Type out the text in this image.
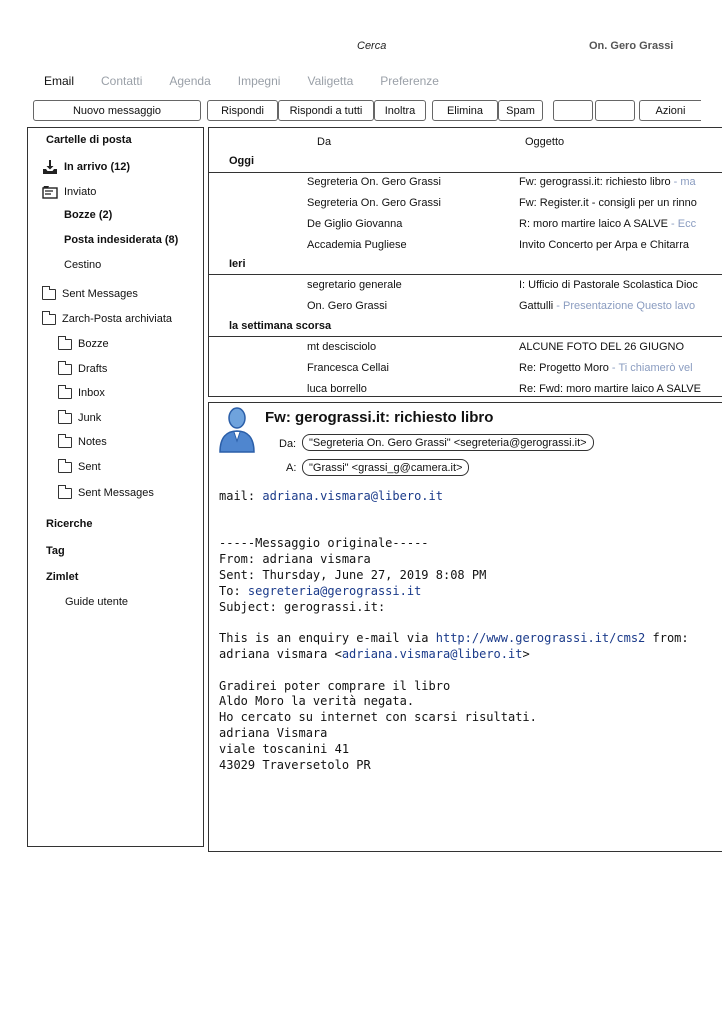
Cerca	On. Gero Grassi
Email Contatti Agenda Impegni Valigetta Preferenze
Nuovo messaggio	Rispondi	Rispondi a tutti	Inoltra	Elimina	Spam	Azioni
Cartelle di posta
In arrivo (12)
Inviato
Bozze (2)
Posta indesiderata (8)
Cestino
Sent Messages
Zarch-Posta archiviata
Bozze
Drafts
Inbox
Junk
Notes
Sent
Sent Messages
Ricerche
Tag
Zimlet
Guide utente
Da	Oggetto
Oggi
Segreteria On. Gero Grassi	Fw: gerograssi.it: richiesto libro - ma
Segreteria On. Gero Grassi	Fw: Register.it - consigli per un rinno
De Giglio Giovanna	R: moro martire laico A SALVE - Ecc
Accademia Pugliese	Invito Concerto per Arpa e Chitarra
Ieri
segretario generale	I: Ufficio di Pastorale Scolastica Dioc
On. Gero Grassi	Gattulli - Presentazione Questo lavo
la settimana scorsa
mt descisciolo	ALCUNE FOTO DEL 26 GIUGNO
Francesca Cellai	Re: Progetto Moro - Ti chiamerò vel
luca borrello	Re: Fwd: moro martire laico A SALVE
Fw: gerograssi.it: richiesto libro
Da:	"Segreteria On. Gero Grassi" <segreteria@gerograssi.it>
A:	"Grassi" <grassi_g@camera.it>
mail: adriana.vismara@libero.it

-----Messaggio originale-----
From: adriana vismara
Sent: Thursday, June 27, 2019 8:08 PM
To: segreteria@gerograssi.it
Subject: gerograssi.it:

This is an enquiry e-mail via http://www.gerograssi.it/cms2 from:
adriana vismara <adriana.vismara@libero.it>

Gradirei poter comprare il libro
Aldo Moro la verità negata.
Ho cercato su internet con scarsi risultati.
adriana Vismara
viale toscanini 41
43029 Traversetolo PR
